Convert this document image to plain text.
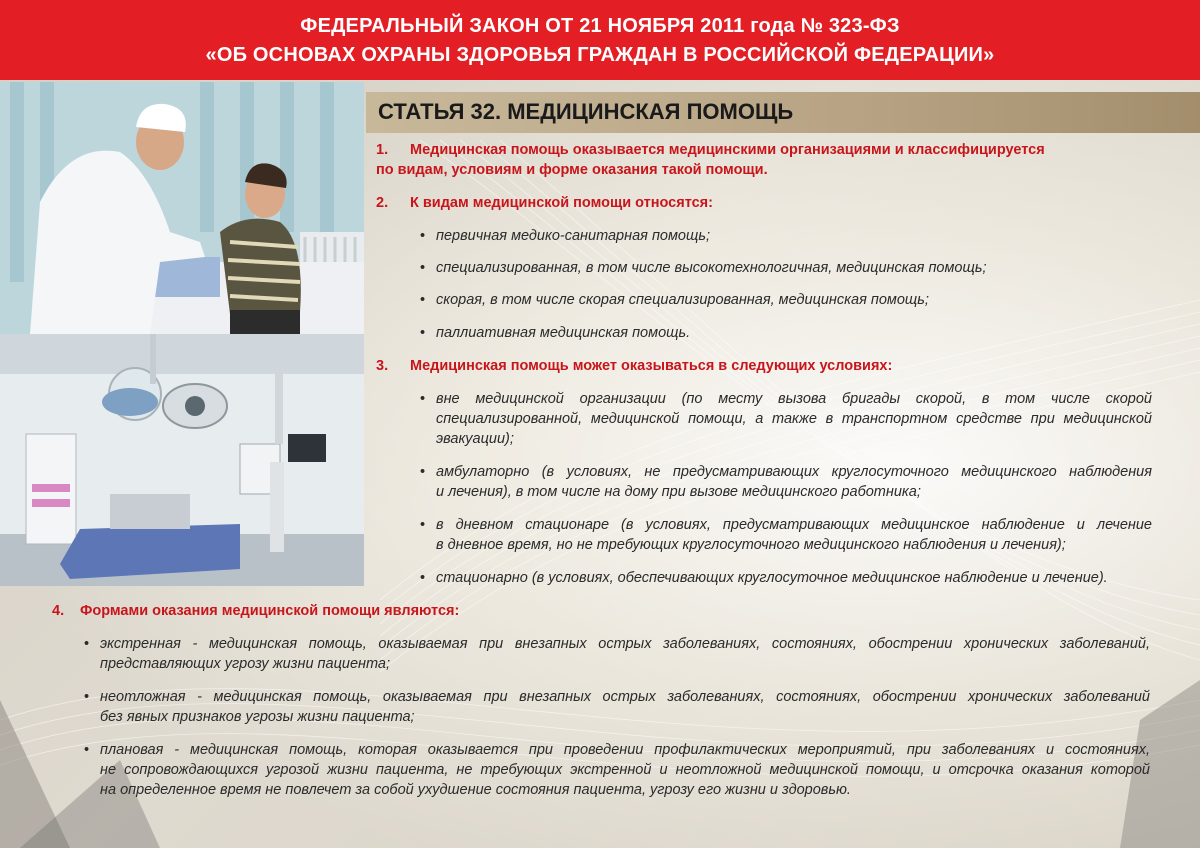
ФЕДЕРАЛЬНЫЙ ЗАКОН ОТ 21 НОЯБРЯ 2011 года № 323-ФЗ
«ОБ ОСНОВАХ ОХРАНЫ ЗДОРОВЬЯ ГРАЖДАН В РОССИЙСКОЙ ФЕДЕРАЦИИ»
СТАТЬЯ 32. МЕДИЦИНСКАЯ ПОМОЩЬ
1. Медицинская помощь оказывается медицинскими организациями и классифицируется
по видам, условиям и форме оказания такой помощи.
2. К видам медицинской помощи относятся:
• первичная медико-санитарная помощь;
• специализированная, в том числе высокотехнологичная, медицинская помощь;
• скорая, в том числе скорая специализированная, медицинская помощь;
• паллиативная медицинская помощь.
3. Медицинская помощь может оказываться в следующих условиях:
• вне медицинской организации (по месту вызова бригады скорой, в том числе скорой
специализированной, медицинской помощи, а также в транспортном средстве при медицинской
эвакуации);
• амбулаторно (в условиях, не предусматривающих круглосуточного медицинского наблюдения
и лечения), в том числе на дому при вызове медицинского работника;
• в дневном стационаре (в условиях, предусматривающих медицинское наблюдение и лечение
в дневное время, но не требующих круглосуточного медицинского наблюдения и лечения);
• стационарно (в условиях, обеспечивающих круглосуточное медицинское наблюдение и лечение).
4. Формами оказания медицинской помощи являются:
• экстренная - медицинская помощь, оказываемая при внезапных острых заболеваниях, состояниях, обострении хронических заболеваний,
представляющих угрозу жизни пациента;
• неотложная - медицинская помощь, оказываемая при внезапных острых заболеваниях, состояниях, обострении хронических заболеваний
без явных признаков угрозы жизни пациента;
• плановая - медицинская помощь, которая оказывается при проведении профилактических мероприятий, при заболеваниях и состояниях,
не сопровождающихся угрозой жизни пациента, не требующих экстренной и неотложной медицинской помощи, и отсрочка оказания которой
на определенное время не повлечет за собой ухудшение состояния пациента, угрозу его жизни и здоровью.
